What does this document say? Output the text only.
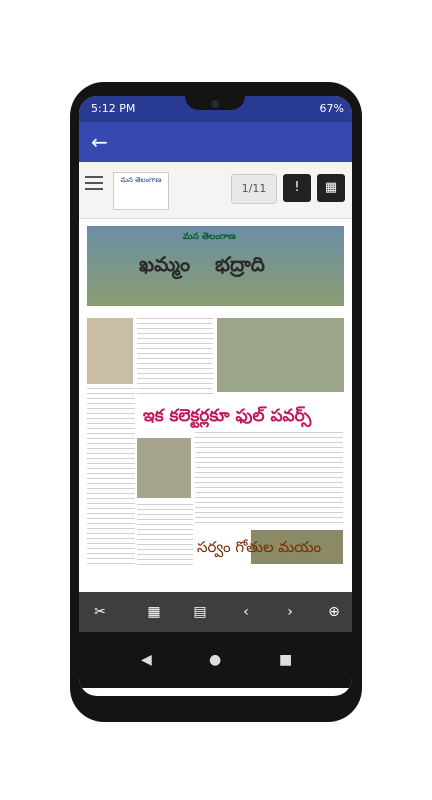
5:12 PM	67%
←
మన తెలంగాణ
1/11	!	▦
మన తెలంగాణ
ఖమ్మం భద్రాది
ఇక కలెక్టర్లకూ ఫుల్ పవర్స్
సర్వం గోతుల మయం
✂	▦	▤	‹	›	⊕
◀	●	■
